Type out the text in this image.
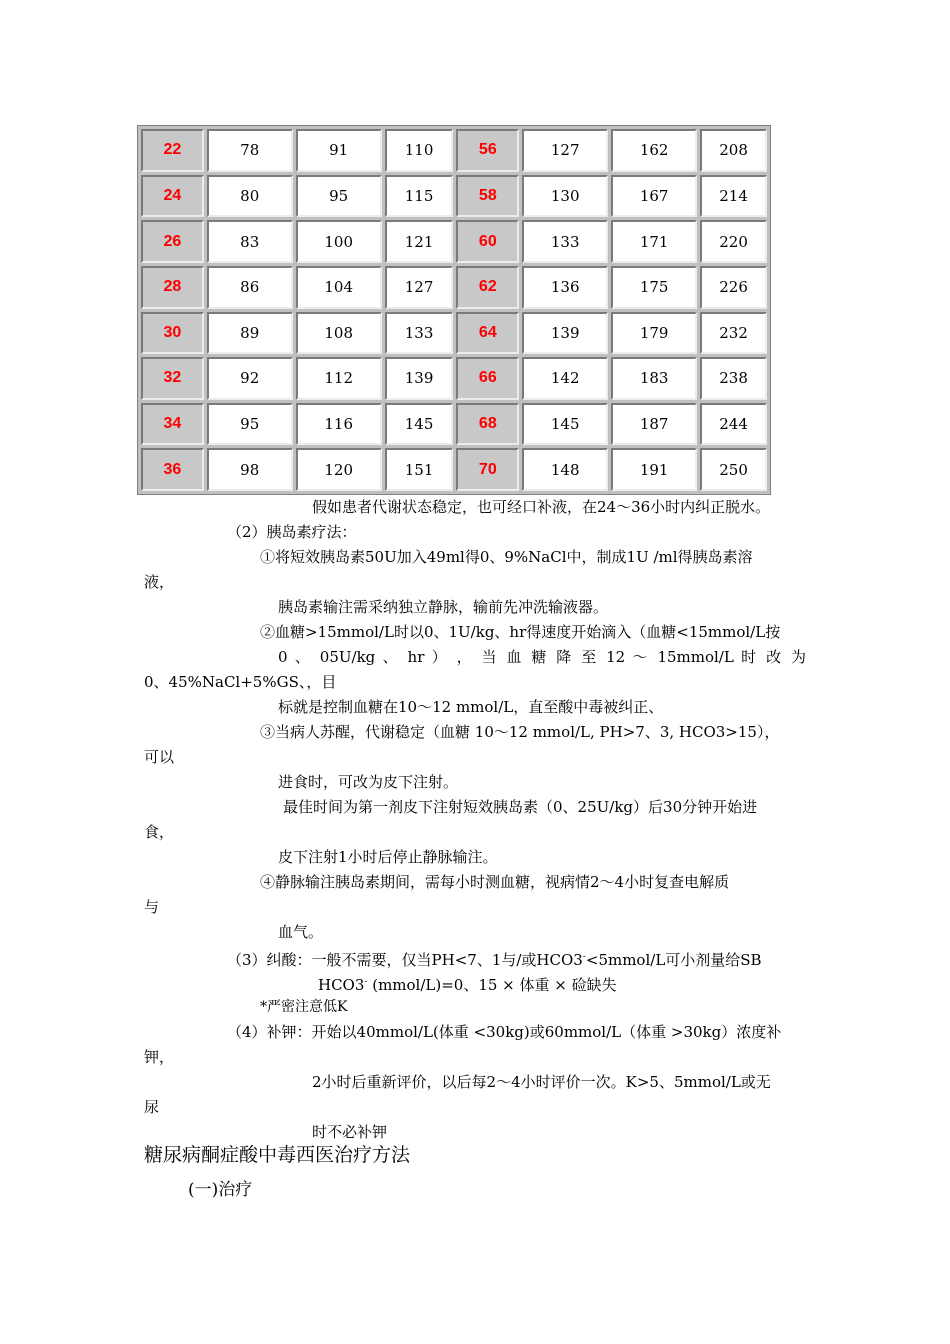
22	78	91	110	56	127	162	208
24	80	95	115	58	130	167	214
26	83	100	121	60	133	171	220
28	86	104	127	62	136	175	226
30	89	108	133	64	139	179	232
32	92	112	139	66	142	183	238
34	95	116	145	68	145	187	244
36	98	120	151	70	148	191	250
假如患者代谢状态稳定，也可经口补液，在24～36小时内纠正脱水。
（2）胰岛素疗法：
①将短效胰岛素50U加入49ml得0、9%NaCl中，制成1U /ml得胰岛素溶
液，
胰岛素输注需采纳独立静脉，输前先冲洗输液器。
②血糖>15mmol/L时以0、1U/kg、hr得速度开始滴入（血糖<15mmol/L按
0 、 05U/kg 、 hr ） ， 当 血 糖 降 至 12 ～ 15mmol/L 时 改 为
0、45%NaCl+5%GS、，目
标就是控制血糖在10～12 mmol/L，直至酸中毒被纠正、
③当病人苏醒，代谢稳定（血糖 10～12 mmol/L, PH>7、3, HCO3>15），
可以
进食时，可改为皮下注射。
最佳时间为第一剂皮下注射短效胰岛素（0、25U/kg）后30分钟开始进
食，
皮下注射1小时后停止静脉输注。
④静脉输注胰岛素期间，需每小时测血糖，视病情2～4小时复查电解质
与
血气。
（3）纠酸：一般不需要，仅当PH<7、1与/或HCO3-<5mmol/L可小剂量给SB
HCO3- (mmol/L)=0、15 × 体重 × 硷缺失
*严密注意低K
（4）补钾：开始以40mmol/L(体重 <30kg)或60mmol/L（体重 >30kg）浓度补
钾，
2小时后重新评价，以后每2～4小时评价一次。K>5、5mmol/L或无
尿
时不必补钾
糖尿病酮症酸中毒西医治疗方法
(一)治疗
